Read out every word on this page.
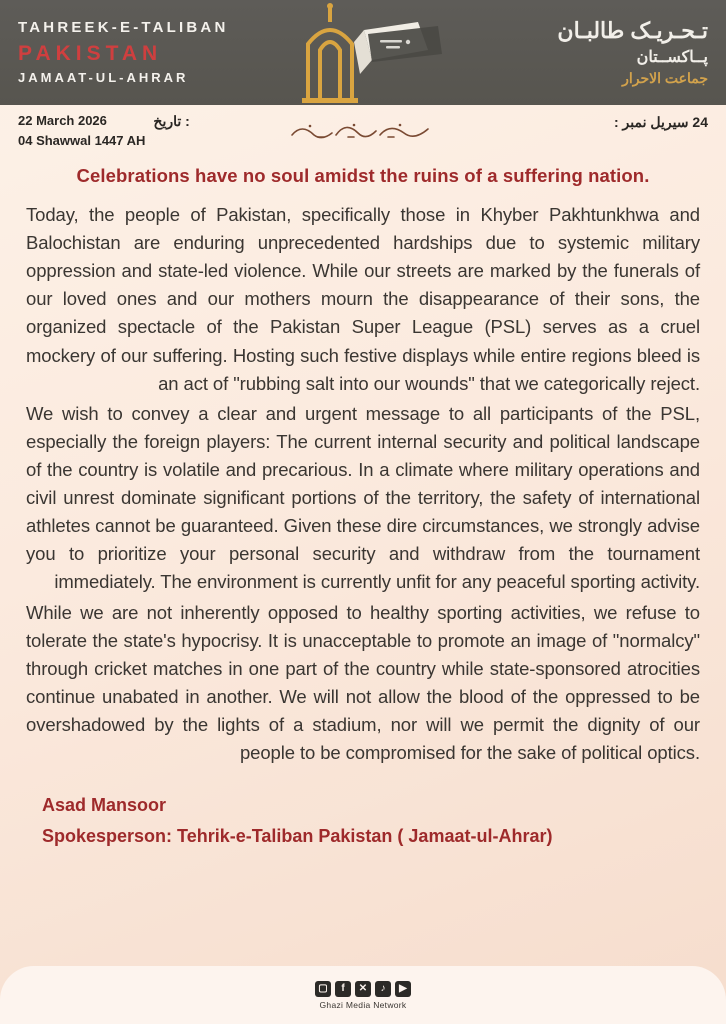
TAHREEK-E-TALIBAN
PAKISTAN
JAMAAT-UL-AHRAR
تـحـریـک طالبـان
پــاکســتان
جماعت الاحرار
22 March 2026
04 Shawwal 1447 AH
: تاریخ	24 سیریل نمبر :
Celebrations have no soul amidst the ruins of a suffering nation.

Today, the people of Pakistan, specifically those in Khyber Pakhtunkhwa and Balochistan are enduring unprecedented hardships due to systemic military oppression and state-led violence. While our streets are marked by the funerals of our loved ones and our mothers mourn the disappearance of their sons, the organized spectacle of the Pakistan Super League (PSL) serves as a cruel mockery of our suffering. Hosting such festive displays while entire regions bleed is an act of "rubbing salt into our wounds" that we categorically reject.

We wish to convey a clear and urgent message to all participants of the PSL, especially the foreign players: The current internal security and political landscape of the country is volatile and precarious. In a climate where military operations and civil unrest dominate significant portions of the territory, the safety of international athletes cannot be guaranteed. Given these dire circumstances, we strongly advise you to prioritize your personal security and withdraw from the tournament immediately. The environment is currently unfit for any peaceful sporting activity.

While we are not inherently opposed to healthy sporting activities, we refuse to tolerate the state's hypocrisy. It is unacceptable to promote an image of "normalcy" through cricket matches in one part of the country while state-sponsored atrocities continue unabated in another. We will not allow the blood of the oppressed to be overshadowed by the lights of a stadium, nor will we permit the dignity of our people to be compromised for the sake of political optics.

Asad Mansoor
Spokesperson: Tehrik-e-Taliban Pakistan ( Jamaat-ul-Ahrar)
▢	f	✕	♪	▶
Ghazi Media Network
